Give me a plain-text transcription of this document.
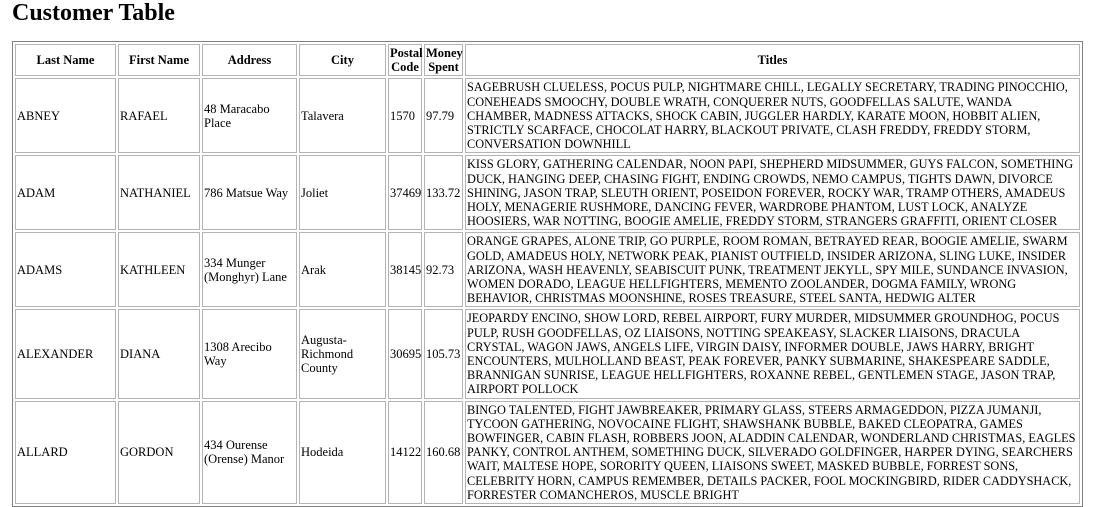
Customer Table
Last Name	First Name	Address	City	Postal Code	Money Spent	Titles
ABNEY	RAFAEL	48 Maracabo Place	Talavera	1570	97.79	SAGEBRUSH CLUELESS, POCUS PULP, NIGHTMARE CHILL, LEGALLY SECRETARY, TRADING PINOCCHIO, CONEHEADS SMOOCHY, DOUBLE WRATH, CONQUERER NUTS, GOODFELLAS SALUTE, WANDA CHAMBER, MADNESS ATTACKS, SHOCK CABIN, JUGGLER HARDLY, KARATE MOON, HOBBIT ALIEN, STRICTLY SCARFACE, CHOCOLAT HARRY, BLACKOUT PRIVATE, CLASH FREDDY, FREDDY STORM, CONVERSATION DOWNHILL
ADAM	NATHANIEL	786 Matsue Way	Joliet	37469	133.72	KISS GLORY, GATHERING CALENDAR, NOON PAPI, SHEPHERD MIDSUMMER, GUYS FALCON, SOMETHING DUCK, HANGING DEEP, CHASING FIGHT, ENDING CROWDS, NEMO CAMPUS, TIGHTS DAWN, DIVORCE SHINING, JASON TRAP, SLEUTH ORIENT, POSEIDON FOREVER, ROCKY WAR, TRAMP OTHERS, AMADEUS HOLY, MENAGERIE RUSHMORE, DANCING FEVER, WARDROBE PHANTOM, LUST LOCK, ANALYZE HOOSIERS, WAR NOTTING, BOOGIE AMELIE, FREDDY STORM, STRANGERS GRAFFITI, ORIENT CLOSER
ADAMS	KATHLEEN	334 Munger (Monghyr) Lane	Arak	38145	92.73	ORANGE GRAPES, ALONE TRIP, GO PURPLE, ROOM ROMAN, BETRAYED REAR, BOOGIE AMELIE, SWARM GOLD, AMADEUS HOLY, NETWORK PEAK, PIANIST OUTFIELD, INSIDER ARIZONA, SLING LUKE, INSIDER ARIZONA, WASH HEAVENLY, SEABISCUIT PUNK, TREATMENT JEKYLL, SPY MILE, SUNDANCE INVASION, WOMEN DORADO, LEAGUE HELLFIGHTERS, MEMENTO ZOOLANDER, DOGMA FAMILY, WRONG BEHAVIOR, CHRISTMAS MOONSHINE, ROSES TREASURE, STEEL SANTA, HEDWIG ALTER
ALEXANDER	DIANA	1308 Arecibo Way	Augusta-Richmond County	30695	105.73	JEOPARDY ENCINO, SHOW LORD, REBEL AIRPORT, FURY MURDER, MIDSUMMER GROUNDHOG, POCUS PULP, RUSH GOODFELLAS, OZ LIAISONS, NOTTING SPEAKEASY, SLACKER LIAISONS, DRACULA CRYSTAL, WAGON JAWS, ANGELS LIFE, VIRGIN DAISY, INFORMER DOUBLE, JAWS HARRY, BRIGHT ENCOUNTERS, MULHOLLAND BEAST, PEAK FOREVER, PANKY SUBMARINE, SHAKESPEARE SADDLE, BRANNIGAN SUNRISE, LEAGUE HELLFIGHTERS, ROXANNE REBEL, GENTLEMEN STAGE, JASON TRAP, AIRPORT POLLOCK
ALLARD	GORDON	434 Ourense (Orense) Manor	Hodeida	14122	160.68	BINGO TALENTED, FIGHT JAWBREAKER, PRIMARY GLASS, STEERS ARMAGEDDON, PIZZA JUMANJI, TYCOON GATHERING, NOVOCAINE FLIGHT, SHAWSHANK BUBBLE, BAKED CLEOPATRA, GAMES BOWFINGER, CABIN FLASH, ROBBERS JOON, ALADDIN CALENDAR, WONDERLAND CHRISTMAS, EAGLES PANKY, CONTROL ANTHEM, SOMETHING DUCK, SILVERADO GOLDFINGER, HARPER DYING, SEARCHERS WAIT, MALTESE HOPE, SORORITY QUEEN, LIAISONS SWEET, MASKED BUBBLE, FORREST SONS, CELEBRITY HORN, CAMPUS REMEMBER, DETAILS PACKER, FOOL MOCKINGBIRD, RIDER CADDYSHACK, FORRESTER COMANCHEROS, MUSCLE BRIGHT
